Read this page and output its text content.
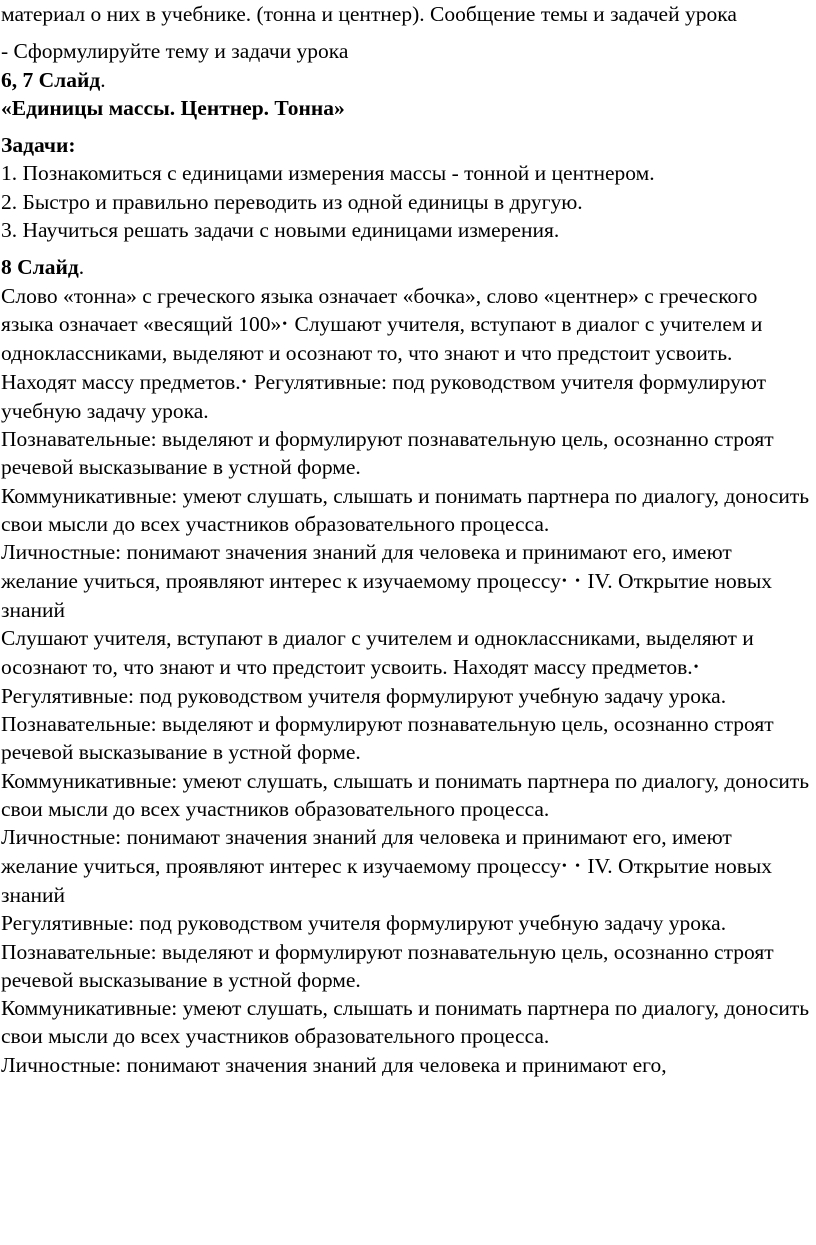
материал о них в учебнике. (тонна и центнер). Сообщение темы и задачей урока

- Сформулируйте тему и задачи урока

6, 7 Слайд.

«Единицы массы. Центнер. Тонна»

Задачи:

1. Познакомиться с единицами измерения массы - тонной и центнером.

2. Быстро и правильно переводить из одной единицы в другую.

3. Научиться решать задачи с новыми единицами измерения.

8 Слайд.

Слово «тонна» с греческого языка означает «бочка», слово «центнер» с греческого языка означает «весящий 100»• Слушают учителя, вступают в диалог с учителем и одноклассниками, выделяют и осознают то, что знают и что предстоит усвоить. Находят массу предметов.• Регулятивные: под руководством учителя формулируют учебную задачу урока.

Познавательные: выделяют и формулируют познавательную цель, осознанно строят речевой высказывание в устной форме.

Коммуникативные: умеют слушать, слышать и понимать партнера по диалогу, доносить свои мысли до всех участников образовательного процесса.

Личностные: понимают значения знаний для человека и принимают его, имеют желание учиться, проявляют интерес к изучаемому процессу• • IV. Открытие новых знаний

Слушают учителя, вступают в диалог с учителем и одноклассниками, выделяют и осознают то, что знают и что предстоит усвоить. Находят массу предметов.• Регулятивные: под руководством учителя формулируют учебную задачу урока.

Познавательные: выделяют и формулируют познавательную цель, осознанно строят речевой высказывание в устной форме.

Коммуникативные: умеют слушать, слышать и понимать партнера по диалогу, доносить свои мысли до всех участников образовательного процесса.

Личностные: понимают значения знаний для человека и принимают его, имеют желание учиться, проявляют интерес к изучаемому процессу• • IV. Открытие новых знаний

Регулятивные: под руководством учителя формулируют учебную задачу урока.

Познавательные: выделяют и формулируют познавательную цель, осознанно строят речевой высказывание в устной форме.

Коммуникативные: умеют слушать, слышать и понимать партнера по диалогу, доносить свои мысли до всех участников образовательного процесса.

Личностные: понимают значения знаний для человека и принимают его,
